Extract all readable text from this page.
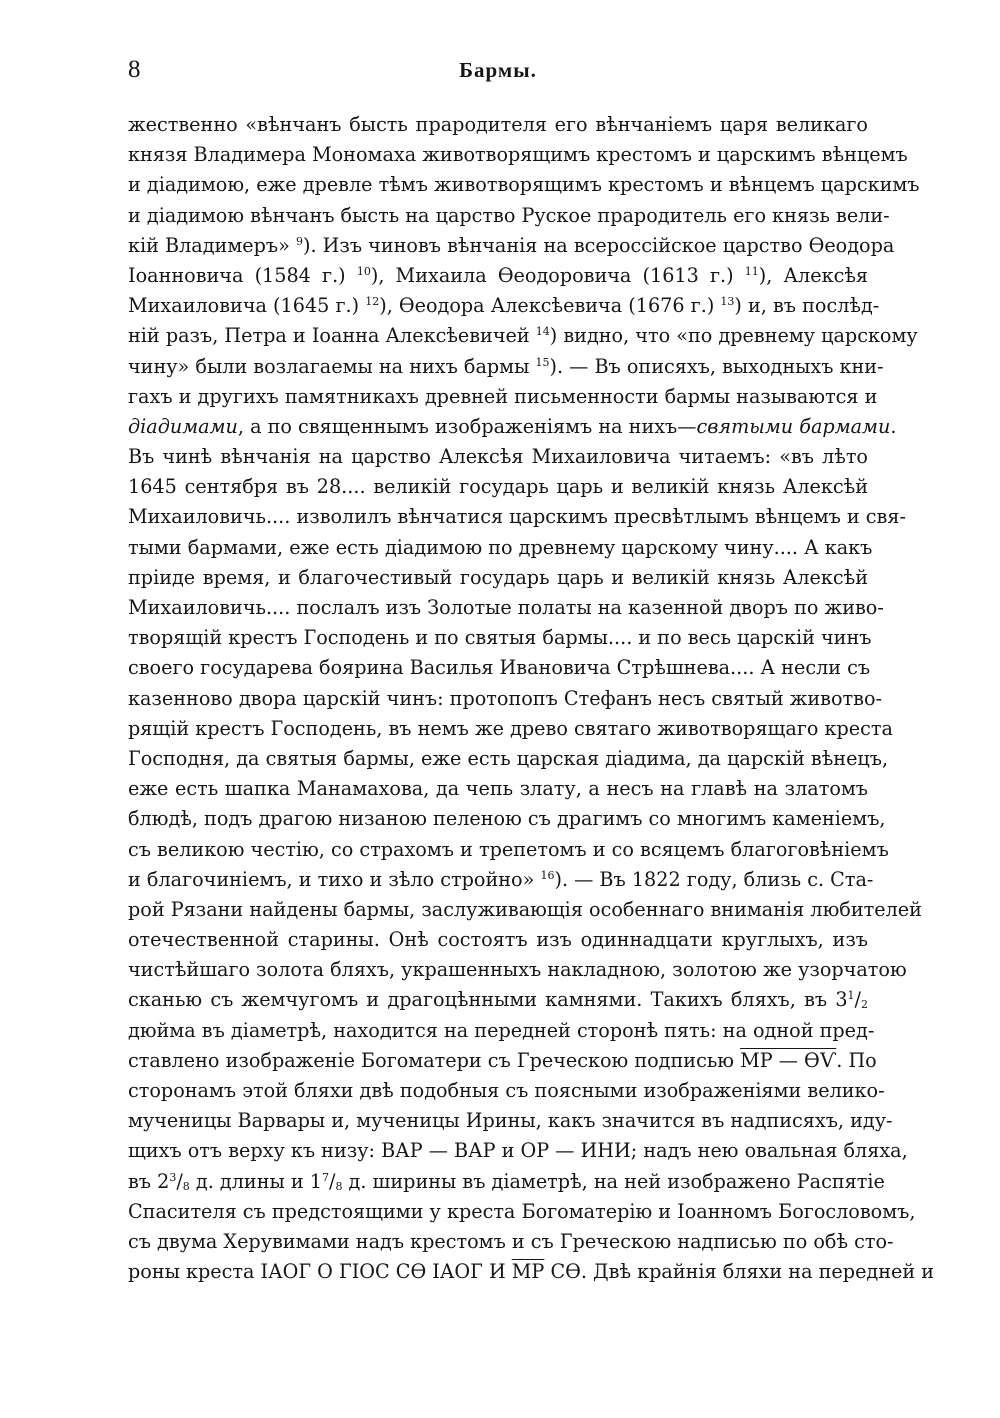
8	Бармы.
жественно «вѣнчанъ бысть прародителя его вѣнчаніемъ царя великаго
князя Владимера Мономаха животворящимъ крестомъ и царскимъ вѣнцемъ
и діадимою, еже древле тѣмъ животворящимъ крестомъ и вѣнцемъ царскимъ
и діадимою вѣнчанъ бысть на царство Руское прародитель его князь вели-
кій Владимеръ» $^9$). Изъ чиновъ вѣнчанія на всероссійское царство Ѳеодора
Іоанновича (1584 г.) $^{10}$), Михаила Ѳеодоровича (1613 г.) $^{11}$), Алексѣя
Михаиловича (1645 г.) $^{12}$), Ѳеодора Алексѣевича (1676 г.) $^{13}$) и, въ послѣд-
ній разъ, Петра и Іоанна Алексѣевичей $^{14}$) видно, что «по древнему царскому
чину» были возлагаемы на нихъ бармы $^{15}$). — Въ описяхъ, выходныхъ кни-
гахъ и другихъ памятникахъ древней письменности бармы называются и
діадимами, а по священнымъ изображеніямъ на нихъ—святыми бармами.
Въ чинѣ вѣнчанія на царство Алексѣя Михаиловича читаемъ: «въ лѣто
1645 сентября въ 28.... великій государь царь и великій князь Алексѣй
Михаиловичь.... изволилъ вѣнчатися царскимъ пресвѣтлымъ вѣнцемъ и свя-
тыми бармами, еже есть діадимою по древнему царскому чину.... А какъ
пріиде время, и благочестивый государь царь и великій князь Алексѣй
Михаиловичь.... послалъ изъ Золотые полаты на казенной дворъ по живо-
творящій крестъ Господень и по святыя бармы.... и по весь царскій чинъ
своего государева боярина Василья Ивановича Стрѣшнева.... А несли съ
казенново двора царскій чинъ: протопопъ Стефанъ несъ святый животво-
рящій крестъ Господень, въ немъ же древо святаго животворящаго креста
Господня, да святыя бармы, еже есть царская діадима, да царскій вѣнецъ,
еже есть шапка Манамахова, да чепь злату, а несъ на главѣ на златомъ
блюдѣ, подъ драгою низаною пеленою съ драгимъ со многимъ каменіемъ,
съ великою честію, со страхомъ и трепетомъ и со всяцемъ благоговѣніемъ
и благочиніемъ, и тихо и зѣло стройно» $^{16}$). — Въ 1822 году, близь с. Ста-
рой Рязани найдены бармы, заслуживающія особеннаго вниманія любителей
отечественной старины. Онѣ состоятъ изъ одиннадцати круглыхъ, изъ
чистѣйшаго золота бляхъ, украшенныхъ накладною, золотою же узорчатою
сканью съ жемчугомъ и драгоцѣнными камнями. Такихъ бляхъ, въ $3^1/_2$
дюйма въ діаметрѣ, находится на передней сторонѣ пять: на одной пред-
ставлено изображеніе Богоматери съ Греческою подписью МР — ѲѴ. По
сторонамъ этой бляхи двѣ подобныя съ поясными изображеніями велико-
мученицы Варвары и, мученицы Ирины, какъ значится въ надписяхъ, иду-
щихъ отъ верху къ низу: ВАР — ВАР и ОР — ИНИ; надъ нею овальная бляха,
въ $2^3/_8$ д. длины и $1^7/_8$ д. ширины въ діаметрѣ, на ней изображено Распятіе
Спасителя съ предстоящими у креста Богоматерію и Іоанномъ Богословомъ,
съ двума Херувимами надъ крестомъ и съ Греческою надписью по обѣ сто-
роны креста ІАОГ О ГІОС СѲ ІАОГ И МР СѲ. Двѣ крайнія бляхи на передней и
